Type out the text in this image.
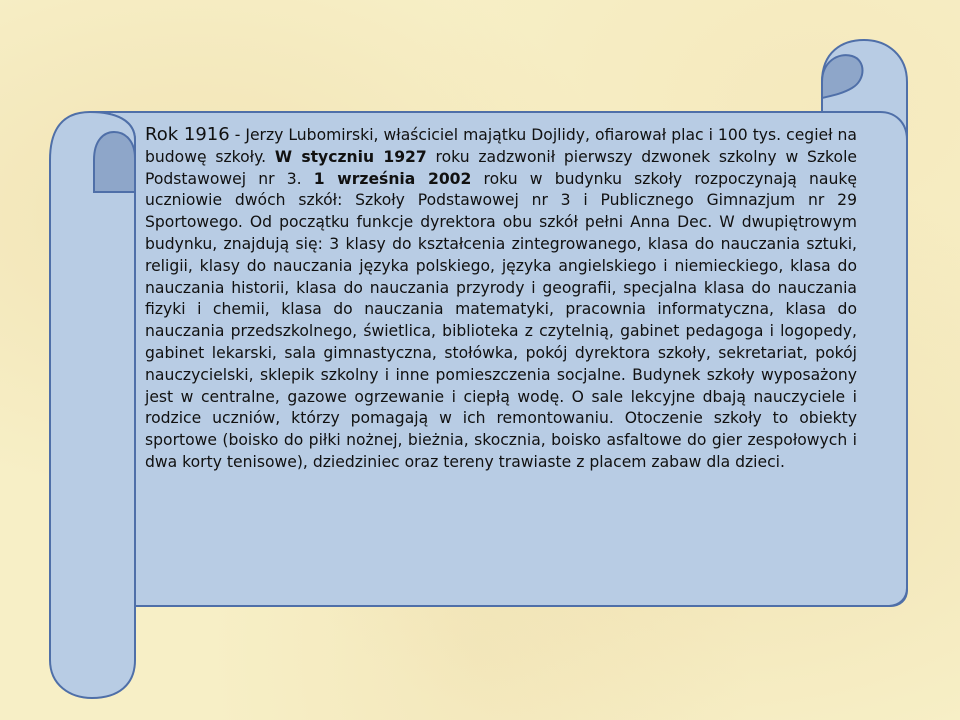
Rok 1916 - Jerzy Lubomirski, właściciel majątku Dojlidy, ofiarował plac i 100 tys. cegieł na budowę szkoły. W styczniu 1927 roku zadzwonił pierwszy dzwonek szkolny w Szkole Podstawowej nr 3. 1 września 2002 roku w budynku szkoły rozpoczynają naukę uczniowie dwóch szkół: Szkoły Podstawowej nr 3 i Publicznego Gimnazjum nr 29 Sportowego. Od początku funkcje dyrektora obu szkół pełni Anna Dec. W dwupiętrowym budynku, znajdują się: 3 klasy do kształcenia zintegrowanego, klasa do nauczania sztuki, religii, klasy do nauczania języka polskiego, języka angielskiego i niemieckiego, klasa do nauczania historii, klasa do nauczania przyrody i geografii, specjalna klasa do nauczania fizyki i chemii, klasa do nauczania matematyki, pracownia informatyczna, klasa do nauczania przedszkolnego, świetlica, biblioteka z czytelnią, gabinet pedagoga i logopedy, gabinet lekarski, sala gimnastyczna, stołówka, pokój dyrektora szkoły, sekretariat, pokój nauczycielski, sklepik szkolny i inne pomieszczenia socjalne. Budynek szkoły wyposażony jest w centralne, gazowe ogrzewanie i ciepłą wodę. O sale lekcyjne dbają nauczyciele i rodzice uczniów, którzy pomagają w ich remontowaniu. Otoczenie szkoły to obiekty sportowe (boisko do piłki nożnej, bieżnia, skocznia, boisko asfaltowe do gier zespołowych i dwa korty tenisowe), dziedziniec oraz tereny trawiaste z placem zabaw dla dzieci.
